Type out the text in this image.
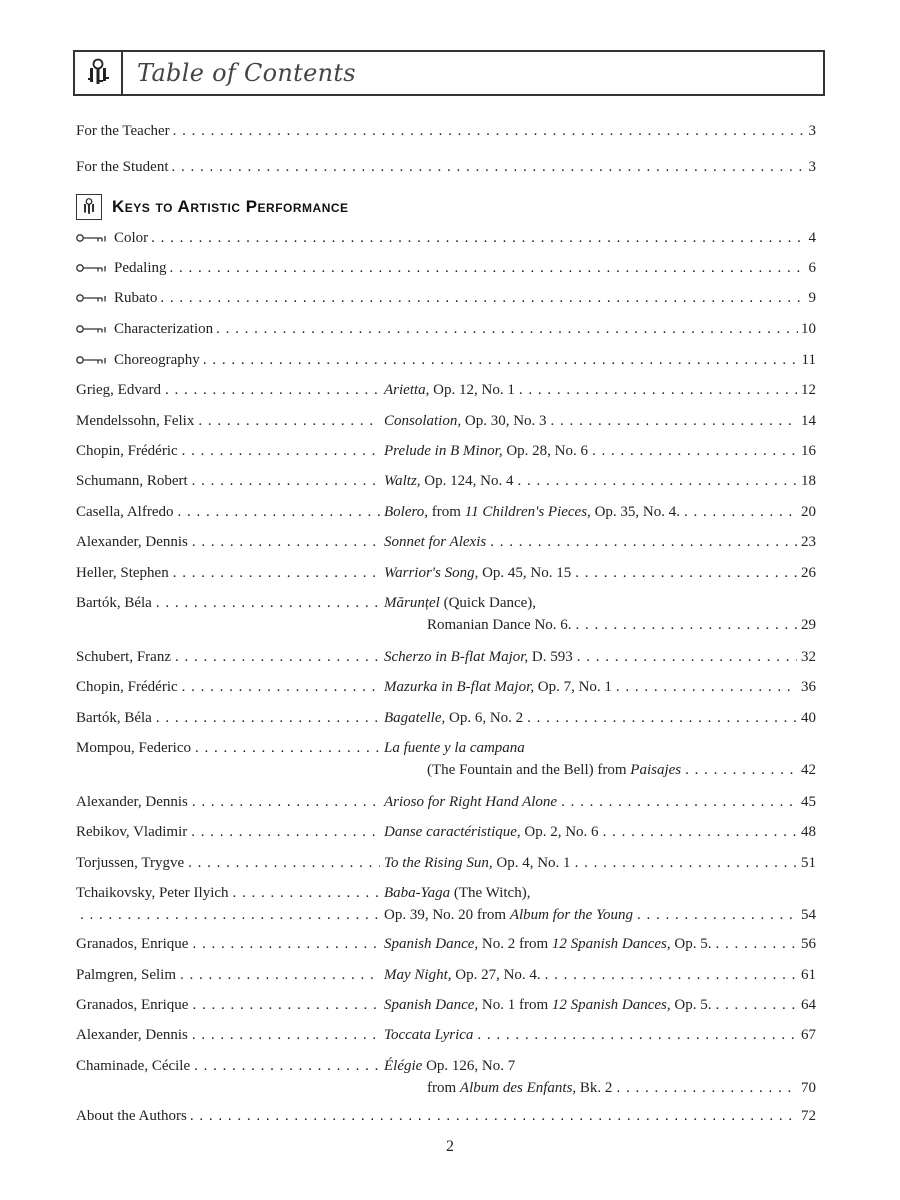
Table of Contents
For the Teacher . . .	3
For the Student . . .	3
Keys to Artistic Performance
Color . . .	4
Pedaling . . .	6
Rubato . . .	9
Characterization . . .	10
Choreography . . .	11
Grieg, Edvard . . .	Arietta, Op. 12, No. 1 . . .	12
Mendelssohn, Felix . . .	Consolation, Op. 30, No. 3 . . .	14
Chopin, Frédéric . . .	Prelude in B Minor, Op. 28, No. 6 . . .	16
Schumann, Robert . . .	Waltz, Op. 124, No. 4 . . .	18
Casella, Alfredo . . .	Bolero, from 11 Children's Pieces, Op. 35, No. 4. . . .	20
Alexander, Dennis . . .	Sonnet for Alexis . . .	23
Heller, Stephen . . .	Warrior's Song, Op. 45, No. 15 . . .	26
Bartók, Béla . . .	Mărunțel (Quick Dance),
Romanian Dance No. 6. . . .	29
Schubert, Franz . . .	Scherzo in B-flat Major, D. 593 . . .	32
Chopin, Frédéric . . .	Mazurka in B-flat Major, Op. 7, No. 1 . . .	36
Bartók, Béla . . .	Bagatelle, Op. 6, No. 2 . . .	40
Mompou, Federico . . .	La fuente y la campana
(The Fountain and the Bell) from Paisajes . . .	42
Alexander, Dennis . . .	Arioso for Right Hand Alone . . .	45
Rebikov, Vladimir . . .	Danse caractéristique, Op. 2, No. 6 . . .	48
Torjussen, Trygve . . .	To the Rising Sun, Op. 4, No. 1 . . .	51
Tchaikovsky, Peter Ilyich . . .	Baba-Yaga (The Witch),
. . .
Op. 39, No. 20 from Album for the Young . . .	54
Granados, Enrique . . .	Spanish Dance, No. 2 from 12 Spanish Dances, Op. 5. . . .	56
Palmgren, Selim . . .	May Night, Op. 27, No. 4. . . .	61
Granados, Enrique . . .	Spanish Dance, No. 1 from 12 Spanish Dances, Op. 5. . . .	64
Alexander, Dennis . . .	Toccata Lyrica . . .	67
Chaminade, Cécile . . .	Élégie Op. 126, No. 7
from Album des Enfants, Bk. 2 . . .	70
About the Authors . . .	72
2
